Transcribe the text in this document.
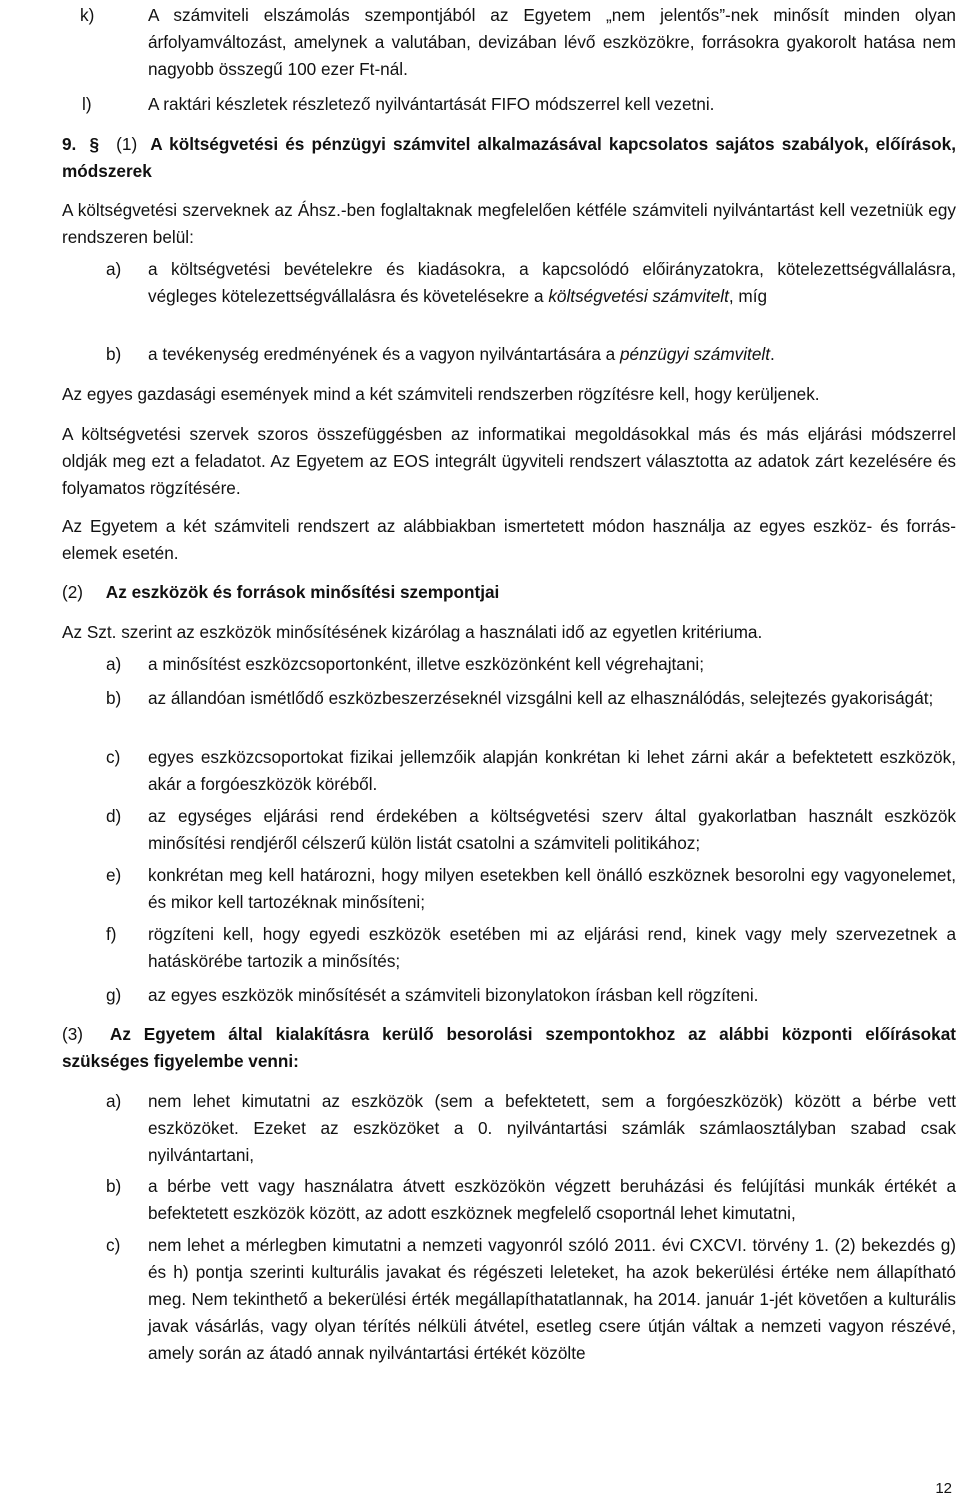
k)	A számviteli elszámolás szempontjából az Egyetem „nem jelentős”-nek minősít minden olyan árfolyamváltozást, amelynek a valutában, devizában lévő eszközökre, forrásokra gyakorolt hatása nem nagyobb összegű 100 ezer Ft-nál.
l)	A raktári készletek részletező nyilvántartását FIFO módszerrel kell vezetni.
9. § (1) A költségvetési és pénzügyi számvitel alkalmazásával kapcsolatos sajátos szabályok, előírások, módszerek

A költségvetési szerveknek az Áhsz.-ben foglaltaknak megfelelően kétféle számviteli nyilvántartást kell vezetniük egy rendszeren belül:

a)	a költségvetési bevételekre és kiadásokra, a kapcsolódó előirányzatokra, kötelezettségvállalásra, végleges kötelezettségvállalásra és követelésekre a költségvetési számvitelt, míg
b)	a tevékenység eredményének és a vagyon nyilvántartására a pénzügyi számvitelt.

Az egyes gazdasági események mind a két számviteli rendszerben rögzítésre kell, hogy kerüljenek.

A költségvetési szervek szoros összefüggésben az informatikai megoldásokkal más és más eljárási módszerrel oldják meg ezt a feladatot. Az Egyetem az EOS integrált ügyviteli rendszert választotta az adatok zárt kezelésére és folyamatos rögzítésére.

Az Egyetem a két számviteli rendszert az alábbiakban ismertetett módon használja az egyes eszköz- és forrás-elemek esetén.

(2) Az eszközök és források minősítési szempontjai

Az Szt. szerint az eszközök minősítésének kizárólag a használati idő az egyetlen kritériuma.

a)	a minősítést eszközcsoportonként, illetve eszközönként kell végrehajtani;
b)	az állandóan ismétlődő eszközbeszerzéseknél vizsgálni kell az elhasználódás, selejtezés gyakoriságát;
c)	egyes eszközcsoportokat fizikai jellemzőik alapján konkrétan ki lehet zárni akár a befektetett eszközök, akár a forgóeszközök köréből.
d)	az egységes eljárási rend érdekében a költségvetési szerv által gyakorlatban használt eszközök minősítési rendjéről célszerű külön listát csatolni a számviteli politikához;
e)	konkrétan meg kell határozni, hogy milyen esetekben kell önálló eszköznek besorolni egy vagyonelemet, és mikor kell tartozéknak minősíteni;
f)	rögzíteni kell, hogy egyedi eszközök esetében mi az eljárási rend, kinek vagy mely szervezetnek a hatáskörébe tartozik a minősítés;
g)	az egyes eszközök minősítését a számviteli bizonylatokon írásban kell rögzíteni.
(3) Az Egyetem által kialakításra kerülő besorolási szempontokhoz az alábbi központi előírásokat szükséges figyelembe venni:
a)	nem lehet kimutatni az eszközök (sem a befektetett, sem a forgóeszközök) között a bérbe vett eszközöket. Ezeket az eszközöket a 0. nyilvántartási számlák számlaosztályban szabad csak nyilvántartani,
b)	a bérbe vett vagy használatra átvett eszközökön végzett beruházási és felújítási munkák értékét a befektetett eszközök között, az adott eszköznek megfelelő csoportnál lehet kimutatni,
c)	nem lehet a mérlegben kimutatni a nemzeti vagyonról szóló 2011. évi CXCVI. törvény 1. (2) bekezdés g) és h) pontja szerinti kulturális javakat és régészeti leleteket, ha azok bekerülési értéke nem állapítható meg. Nem tekinthető a bekerülési érték megállapíthatatlannak, ha 2014. január 1-jét követően a kulturális javak vásárlás, vagy olyan térítés nélküli átvétel, esetleg csere útján váltak a nemzeti vagyon részévé, amely során az átadó annak nyilvántartási értékét közölte
12
